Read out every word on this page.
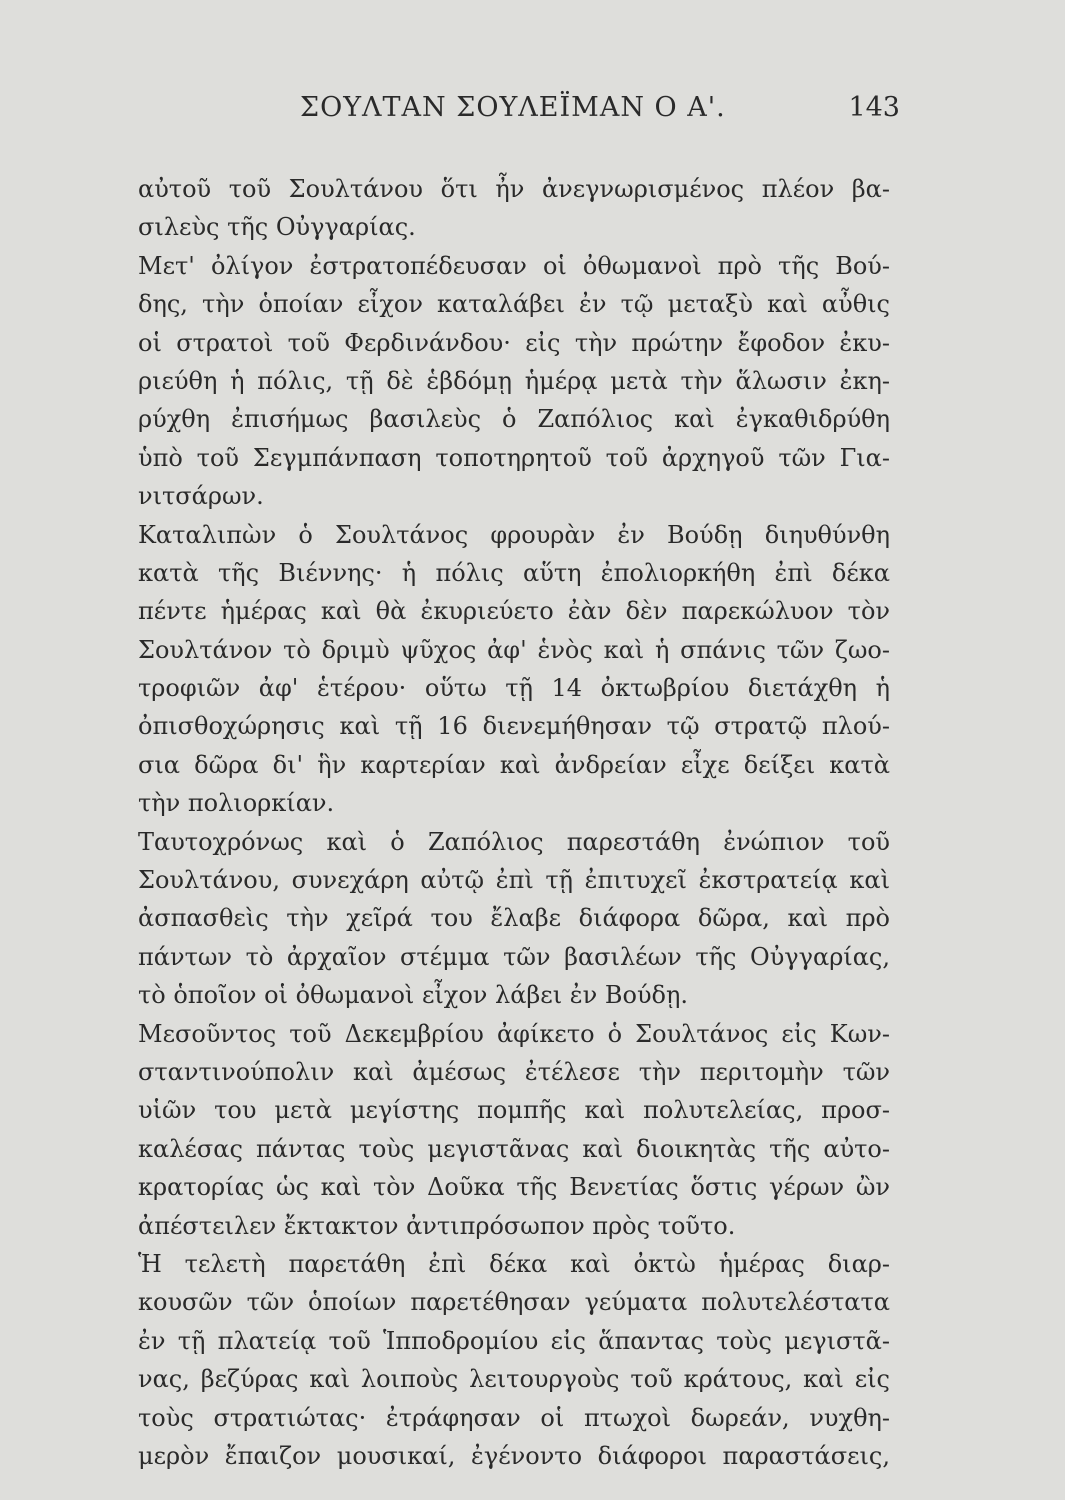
ΣΟΥΛΤΑΝ ΣΟΥΛΕΪΜΑΝ Ο Α'.	143
αὐτοῦ τοῦ Σουλτάνου ὅτι ἦν ἀνεγνωρισμένος πλέον βα-
σιλεὺς τῆς Οὐγγαρίας.
Μετ' ὀλίγον ἐστρατοπέδευσαν οἱ ὀθωμανοὶ πρὸ τῆς Βού-
δης, τὴν ὁποίαν εἶχον καταλάβει ἐν τῷ μεταξὺ καὶ αὖθις
οἱ στρατοὶ τοῦ Φερδινάνδου· εἰς τὴν πρώτην ἔφοδον ἐκυ-
ριεύθη ἡ πόλις, τῇ δὲ ἑβδόμῃ ἡμέρᾳ μετὰ τὴν ἅλωσιν ἐκη-
ρύχθη ἐπισήμως βασιλεὺς ὁ Ζαπόλιος καὶ ἐγκαθιδρύθη
ὑπὸ τοῦ Σεγμπάνπαση τοποτηρητοῦ τοῦ ἀρχηγοῦ τῶν Για-
νιτσάρων.
Καταλιπὼν ὁ Σουλτάνος φρουρὰν ἐν Βούδῃ διηυθύνθη
κατὰ τῆς Βιέννης· ἡ πόλις αὕτη ἐπολιορκήθη ἐπὶ δέκα
πέντε ἡμέρας καὶ θὰ ἐκυριεύετο ἐὰν δὲν παρεκώλυον τὸν
Σουλτάνον τὸ δριμὺ ψῦχος ἀφ' ἑνὸς καὶ ἡ σπάνις τῶν ζωο-
τροφιῶν ἀφ' ἑτέρου· οὕτω τῇ 14 ὀκτωβρίου διετάχθη ἡ
ὀπισθοχώρησις καὶ τῇ 16 διενεμήθησαν τῷ στρατῷ πλού-
σια δῶρα δι' ἣν καρτερίαν καὶ ἀνδρείαν εἶχε δείξει κατὰ
τὴν πολιορκίαν.
Ταυτοχρόνως καὶ ὁ Ζαπόλιος παρεστάθη ἐνώπιον τοῦ
Σουλτάνου, συνεχάρη αὐτῷ ἐπὶ τῇ ἐπιτυχεῖ ἐκστρατείᾳ καὶ
ἀσπασθεὶς τὴν χεῖρά του ἔλαβε διάφορα δῶρα, καὶ πρὸ
πάντων τὸ ἀρχαῖον στέμμα τῶν βασιλέων τῆς Οὐγγαρίας,
τὸ ὁποῖον οἱ ὀθωμανοὶ εἶχον λάβει ἐν Βούδῃ.
Μεσοῦντος τοῦ Δεκεμβρίου ἀφίκετο ὁ Σουλτάνος εἰς Κων-
σταντινούπολιν καὶ ἀμέσως ἐτέλεσε τὴν περιτομὴν τῶν
υἱῶν του μετὰ μεγίστης πομπῆς καὶ πολυτελείας, προσ-
καλέσας πάντας τοὺς μεγιστᾶνας καὶ διοικητὰς τῆς αὐτο-
κρατορίας ὡς καὶ τὸν Δοῦκα τῆς Βενετίας ὅστις γέρων ὢν
ἀπέστειλεν ἔκτακτον ἀντιπρόσωπον πρὸς τοῦτο.
Ἡ τελετὴ παρετάθη ἐπὶ δέκα καὶ ὀκτὼ ἡμέρας διαρ-
κουσῶν τῶν ὁποίων παρετέθησαν γεύματα πολυτελέστατα
ἐν τῇ πλατείᾳ τοῦ Ἱπποδρομίου εἰς ἅπαντας τοὺς μεγιστᾶ-
νας, βεζύρας καὶ λοιποὺς λειτουργοὺς τοῦ κράτους, καὶ εἰς
τοὺς στρατιώτας· ἐτράφησαν οἱ πτωχοὶ δωρεάν, νυχθη-
μερὸν ἔπαιζον μουσικαί, ἐγένοντο διάφοροι παραστάσεις,
